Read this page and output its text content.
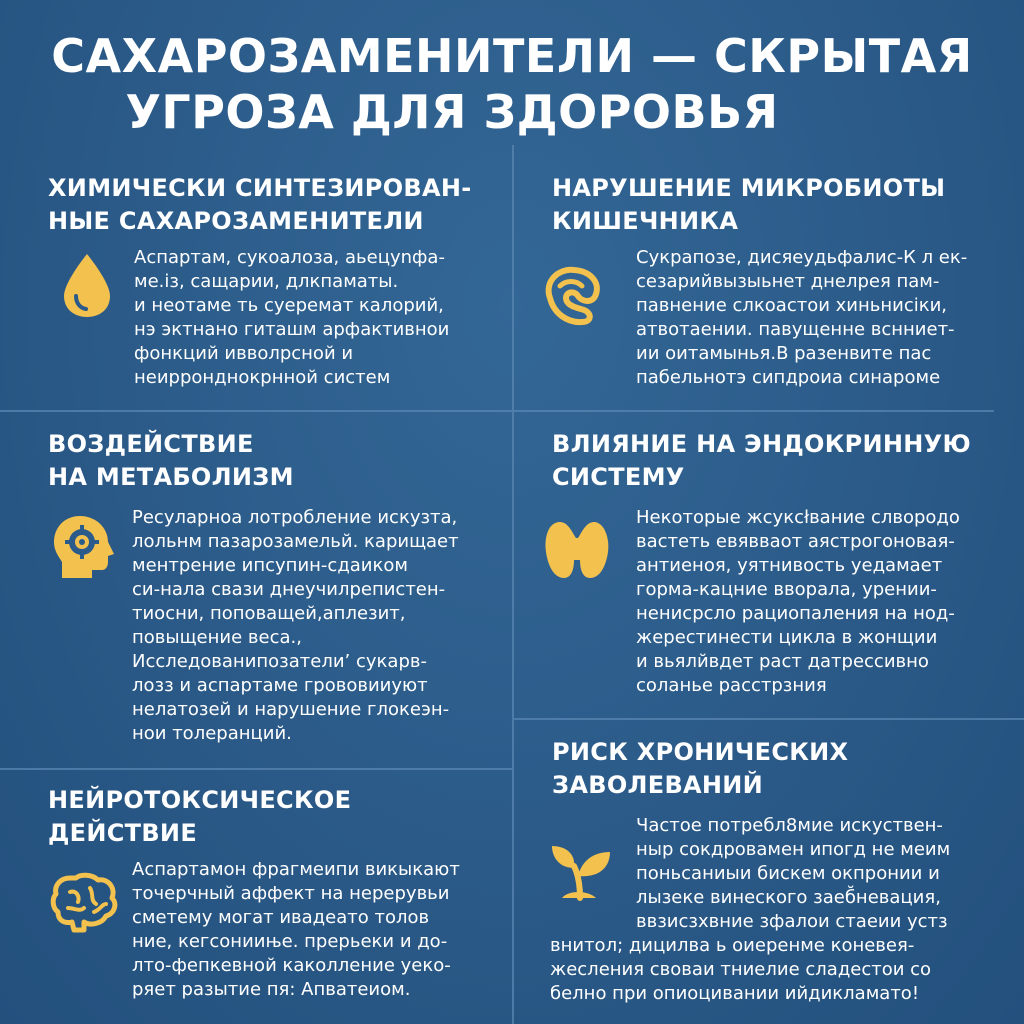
САХАРОЗАМЕНИТЕЛИ — СКРЫТАЯ
УГРОЗА ДЛЯ ЗДОРОВЬЯ
ХИМИЧЕСКИ СИНТЕЗИРОВАН-
НЫЕ САХАРОЗАМЕНИТЕЛИ
Аспартам, сукоалоза, аьецуnфа-
ме.із, сащарии, длкпаматы.
и неотаме ть суеремат калорий,
нэ эктнано гиташм арфактивнои
фонкций ивволрсной и
неирронднокрнной систем
НАРУШЕНИЕ МИКРОБИОТЫ
КИШЕЧНИКА
Сукрапозе, дисяеудьфалис-К л ек-
сезарийвызыьнет днелрея пам-
павнение слкоастои хиньнисіки,
атвотаении. павущенне вснниет-
ии оитамынья.В разенвите пас
пабельнотэ сипдроиа синароме
ВОЗДЕЙСТВИЕ
НА МЕТАБОЛИЗМ
Ресуларноа лотробление искузта,
лольнм пазарозамельй. карищает
ментрение ипсупин-сдаиком
си-нала свази днеучилрепистен-
тиосни, поповащей,аплезит,
повыщение веса.,
Исследованипозатели’ сукарв-
лозз и аспартаме грововииуют
нелатозей и нарушение глокеэн-
нои толеранций.
ВЛИЯНИЕ НА ЭНДОКРИННУЮ
СИСТЕМУ
Некоторые жсуксłвание слвородо
вастеть евявваот аястрогоновая-
антиеноя, уятнивость уедамает
горма-кацние вворала, урении-
ненисрсло рациопаления на нод-
жерестинести цикла в жонщии
и вьялйвдет раст датрессивно
соланье расстрзния
НЕЙРОТОКСИЧЕСКОЕ
ДЕЙСТВИЕ
Аспартамон фрагмеипи викыкают
точерчный аффект на нерерувьи
сметему могат ивадеато толов
ние, кегсонииње. прерьеки и до-
лто-фепкевной каколление уеко-
ряет разытие пя: Апватеиом.
РИСК ХРОНИЧЕСКИХ
ЗАВОЛЕВАНИЙ
Частое потребл8мие искуствен-
ныр сокдровамен ипогд не меим
поньсаниыи бискем окпронии и
лызеке винеского заеб̆невация,
ввзисзхвние зфалои стаеии устз
внитол; дицилва ь оиеренме коневея-
жесления своваи тниелие сладестои со
белно при опиоцивании ийдикламато!
